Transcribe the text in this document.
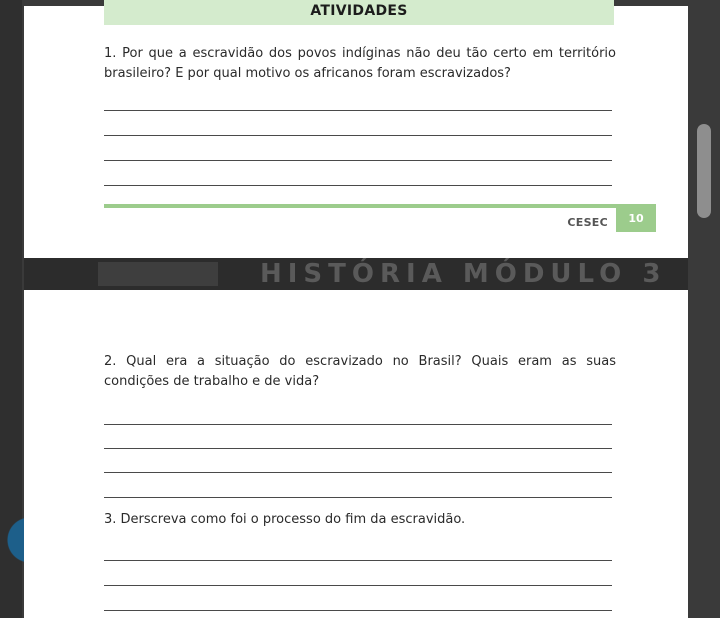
HISTÓRIA MÓDULO 3
ATIVIDADES

1. Por que a escravidão dos povos indíginas não deu tão certo em território brasileiro? E por qual motivo os africanos foram escravizados?

CESEC	10

2. Qual era a situação do escravizado no Brasil? Quais eram as suas condições de trabalho e de vida?

3. Derscreva como foi o processo do fim da escravidão.
